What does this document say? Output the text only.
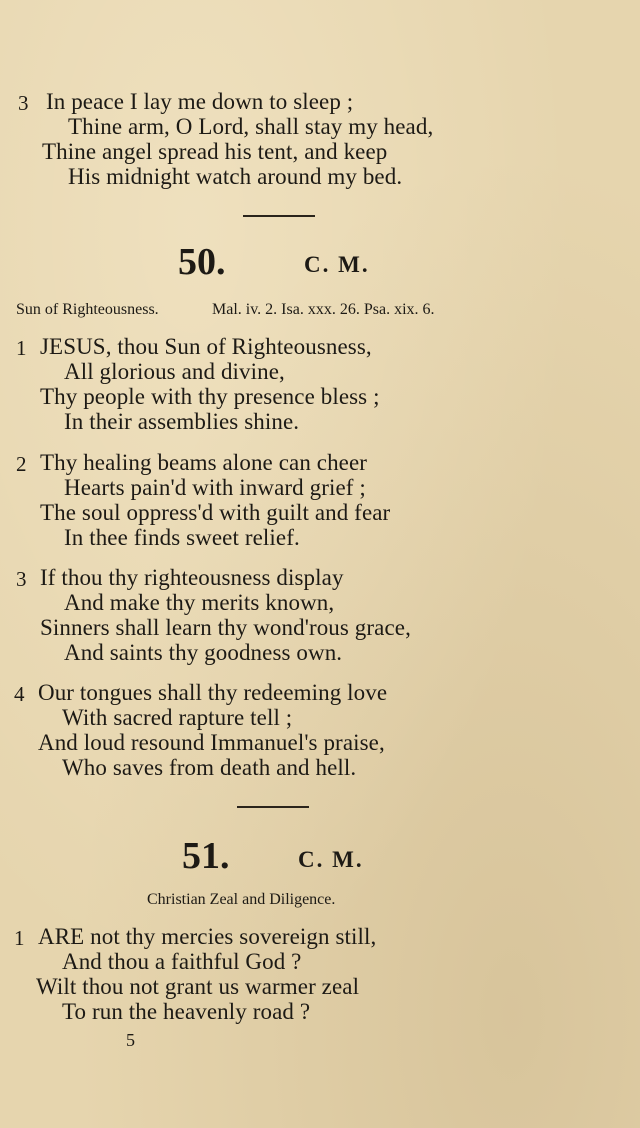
3 In peace I lay me down to sleep ;
Thine arm, O Lord, shall stay my head,
Thine angel spread his tent, and keep
His midnight watch around my bed.
50.	C. M.
Sun of Righteousness.	Mal. iv. 2. Isa. xxx. 26. Psa. xix. 6.
1 JESUS, thou Sun of Righteousness,
All glorious and divine,
Thy people with thy presence bless ;
In their assemblies shine.
2 Thy healing beams alone can cheer
Hearts pain'd with inward grief ;
The soul oppress'd with guilt and fear
In thee finds sweet relief.
3 If thou thy righteousness display
And make thy merits known,
Sinners shall learn thy wond'rous grace,
And saints thy goodness own.
4 Our tongues shall thy redeeming love
With sacred rapture tell ;
And loud resound Immanuel's praise,
Who saves from death and hell.
51.	C. M.
Christian Zeal and Diligence.
1 ARE not thy mercies sovereign still,
And thou a faithful God ?
Wilt thou not grant us warmer zeal
To run the heavenly road ?
5
